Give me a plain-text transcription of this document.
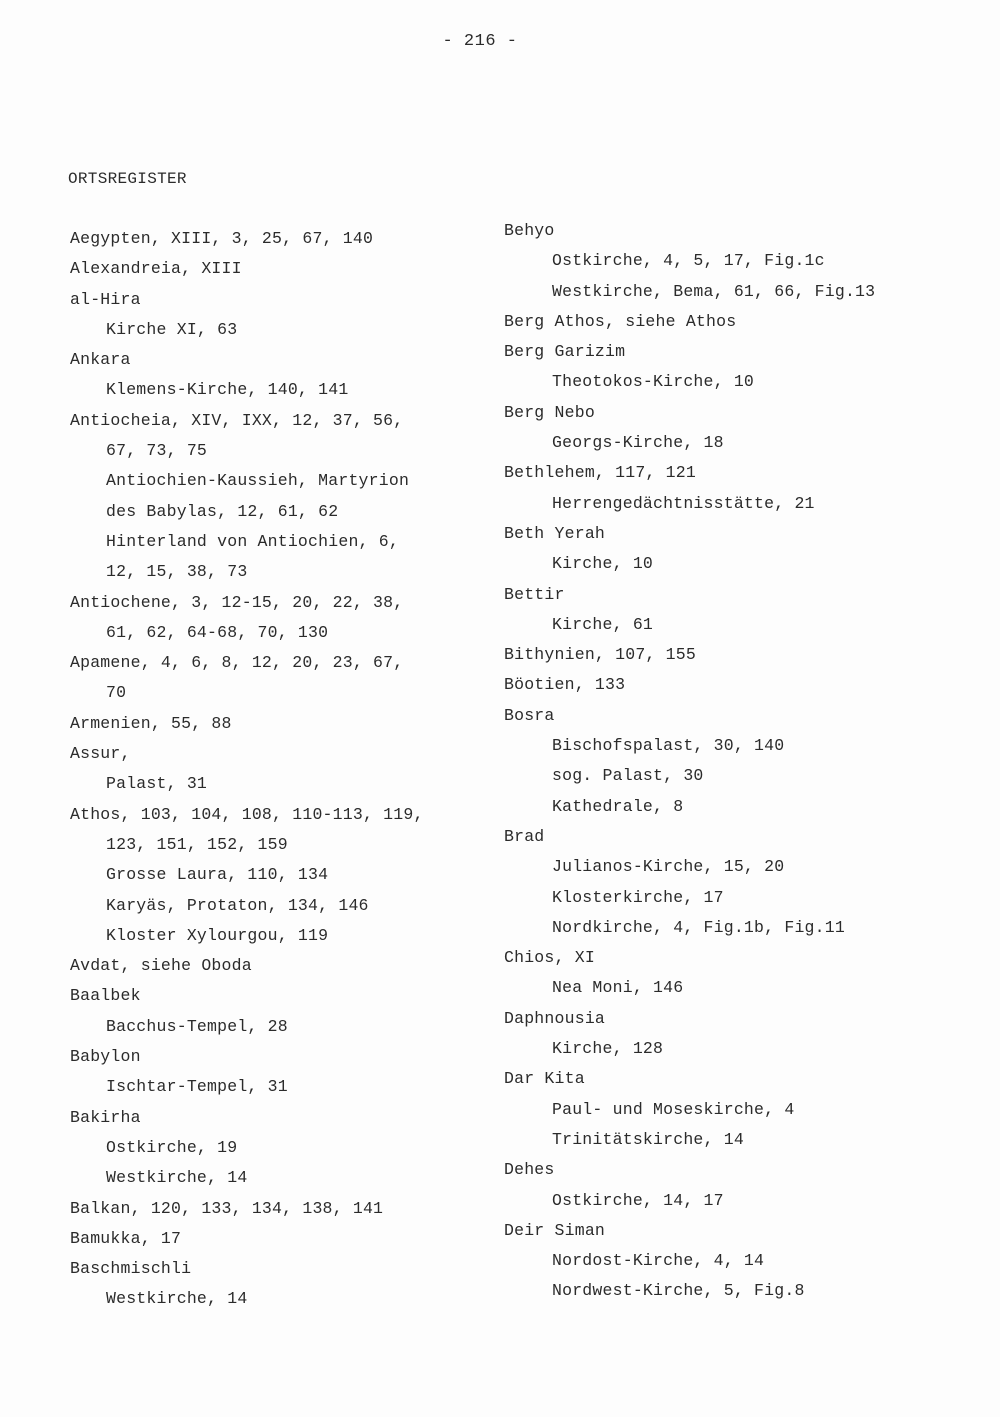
- 216 -
ORTSREGISTER
Aegypten, XIII, 3, 25, 67, 140
Alexandreia, XIII
al-Hira
Kirche XI, 63
Ankara
Klemens-Kirche, 140, 141
Antiocheia, XIV, IXX, 12, 37, 56,
67, 73, 75
Antiochien-Kaussieh, Martyrion
des Babylas, 12, 61, 62
Hinterland von Antiochien, 6,
12, 15, 38, 73
Antiochene, 3, 12-15, 20, 22, 38,
61, 62, 64-68, 70, 130
Apamene, 4, 6, 8, 12, 20, 23, 67,
70
Armenien, 55, 88
Assur,
Palast, 31
Athos, 103, 104, 108, 110-113, 119,
123, 151, 152, 159
Grosse Laura, 110, 134
Karyäs, Protaton, 134, 146
Kloster Xylourgou, 119
Avdat, siehe Oboda
Baalbek
Bacchus-Tempel, 28
Babylon
Ischtar-Tempel, 31
Bakirha
Ostkirche, 19
Westkirche, 14
Balkan, 120, 133, 134, 138, 141
Bamukka, 17
Baschmischli
Westkirche, 14
Behyo
Ostkirche, 4, 5, 17, Fig.1c
Westkirche, Bema, 61, 66, Fig.13
Berg Athos, siehe Athos
Berg Garizim
Theotokos-Kirche, 10
Berg Nebo
Georgs-Kirche, 18
Bethlehem, 117, 121
Herrengedächtnisstätte, 21
Beth Yerah
Kirche, 10
Bettir
Kirche, 61
Bithynien, 107, 155
Böotien, 133
Bosra
Bischofspalast, 30, 140
sog. Palast, 30
Kathedrale, 8
Brad
Julianos-Kirche, 15, 20
Klosterkirche, 17
Nordkirche, 4, Fig.1b, Fig.11
Chios, XI
Nea Moni, 146
Daphnousia
Kirche, 128
Dar Kita
Paul- und Moseskirche, 4
Trinitätskirche, 14
Dehes
Ostkirche, 14, 17
Deir Siman
Nordost-Kirche, 4, 14
Nordwest-Kirche, 5, Fig.8
